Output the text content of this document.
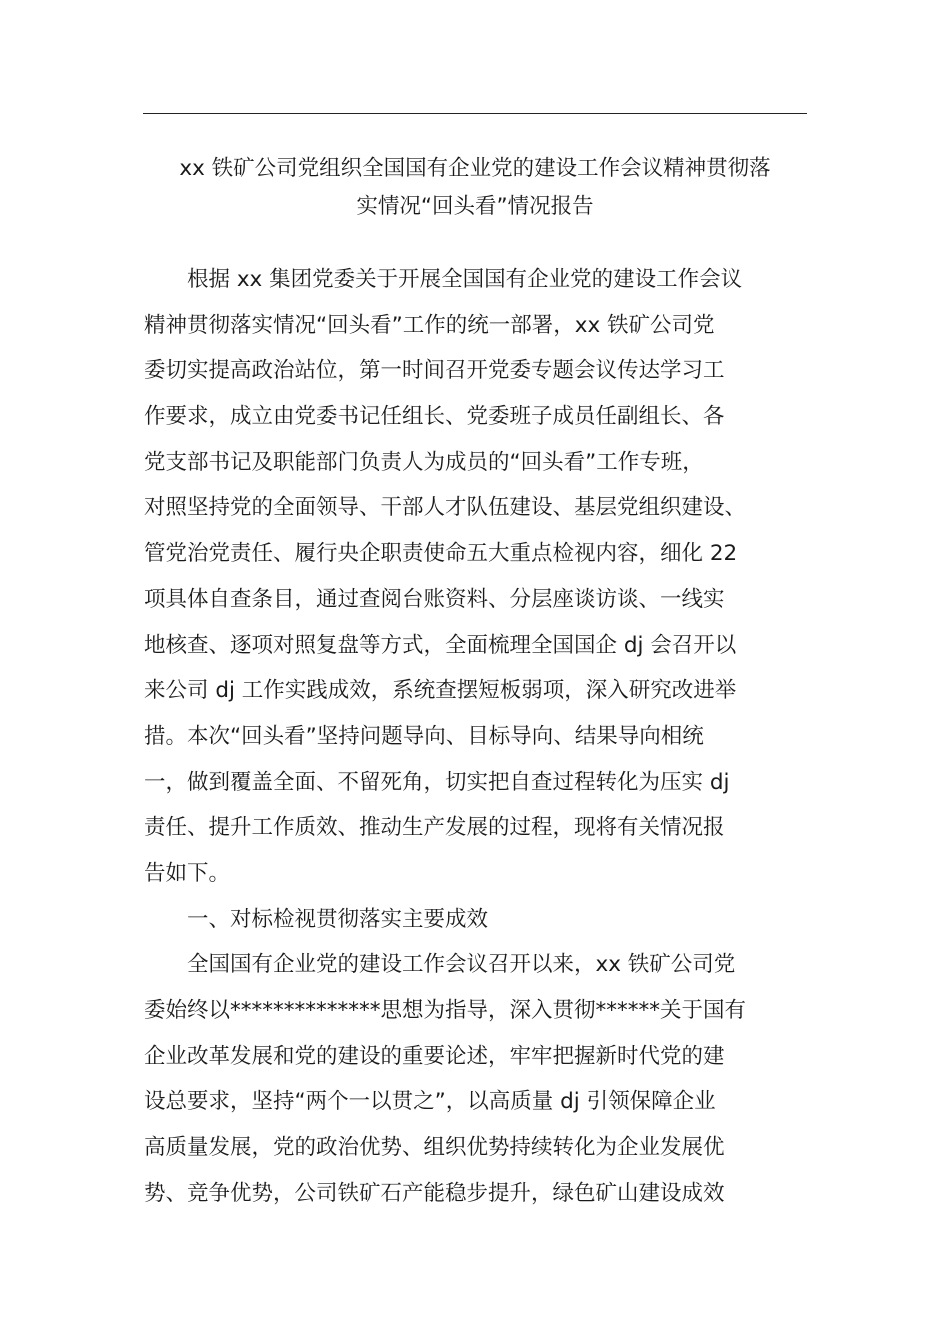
xx 铁矿公司党组织全国国有企业党的建设工作会议精神贯彻落
实情况“回头看”情况报告
　　根据 xx 集团党委关于开展全国国有企业党的建设工作会议
精神贯彻落实情况“回头看”工作的统一部署，xx 铁矿公司党
委切实提高政治站位，第一时间召开党委专题会议传达学习工
作要求，成立由党委书记任组长、党委班子成员任副组长、各
党支部书记及职能部门负责人为成员的“回头看”工作专班，
对照坚持党的全面领导、干部人才队伍建设、基层党组织建设、
管党治党责任、履行央企职责使命五大重点检视内容，细化 22
项具体自查条目，通过查阅台账资料、分层座谈访谈、一线实
地核查、逐项对照复盘等方式，全面梳理全国国企 dj 会召开以
来公司 dj 工作实践成效，系统查摆短板弱项，深入研究改进举
措。本次“回头看”坚持问题导向、目标导向、结果导向相统
一，做到覆盖全面、不留死角，切实把自查过程转化为压实 dj
责任、提升工作质效、推动生产发展的过程，现将有关情况报
告如下。
　　一、对标检视贯彻落实主要成效
　　全国国有企业党的建设工作会议召开以来，xx 铁矿公司党
委始终以**************思想为指导，深入贯彻******关于国有
企业改革发展和党的建设的重要论述，牢牢把握新时代党的建
设总要求，坚持“两个一以贯之”，以高质量 dj 引领保障企业
高质量发展，党的政治优势、组织优势持续转化为企业发展优
势、竞争优势，公司铁矿石产能稳步提升，绿色矿山建设成效
